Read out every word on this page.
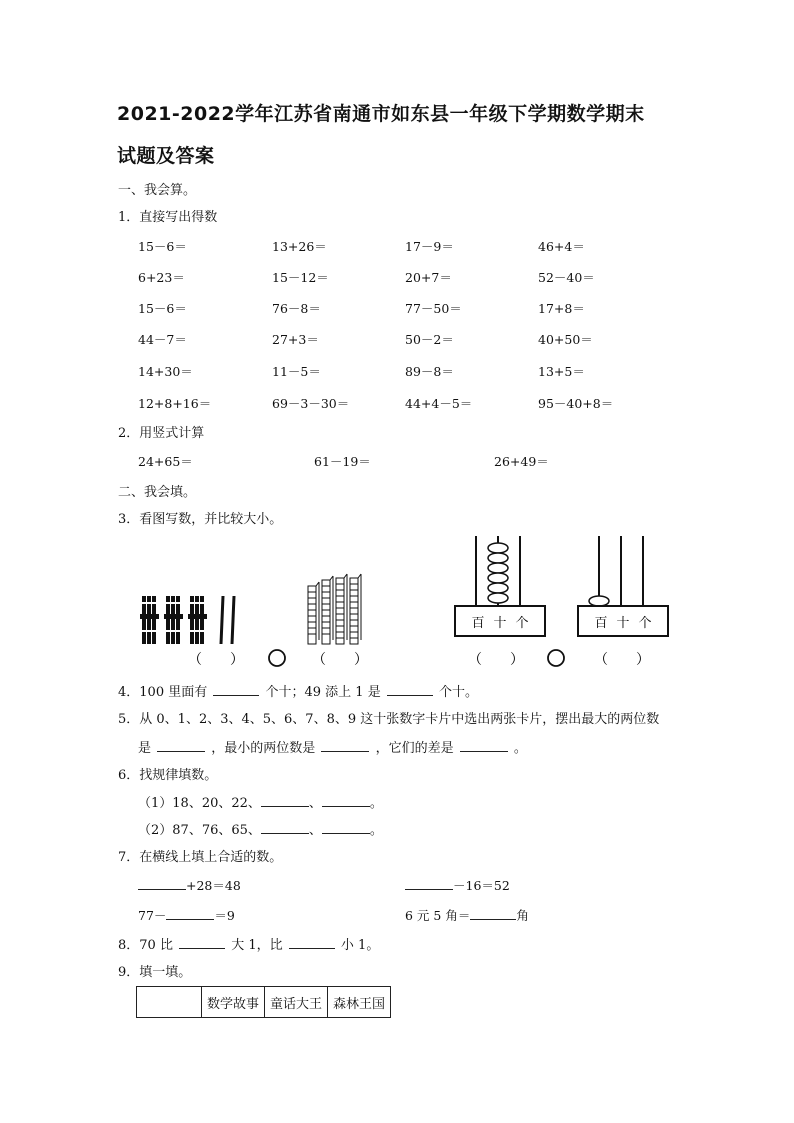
2021-2022学年江苏省南通市如东县一年级下学期数学期末
试题及答案
一、我会算。
1．直接写出得数
15－6＝	13+26＝	17－9＝	46+4＝
6+23＝	15－12＝	20+7＝	52－40＝
15－6＝	76－8＝	77－50＝	17+8＝
44－7＝	27+3＝	50－2＝	40+50＝
14+30＝	11－5＝	89－8＝	13+5＝
12+8+16＝	69－3－30＝	44+4－5＝	95－40+8＝
2．用竖式计算
24+65＝	61－19＝	26+49＝
二、我会填。
3．看图写数，并比较大小。
百 十 个	百 十 个
（　　）	（　　）	（　　）	（　　）
4．100 里面有	个十；49 添上 1 是	个十。
5．从 0、1、2、3、4、5、6、7、8、9 这十张数字卡片中选出两张卡片，摆出最大的两位数
是	，最小的两位数是	，它们的差是	。
6．找规律填数。
（1）18、20、22、	、	。
（2）87、76、65、	、	。
7．在横线上填上合适的数。
+28＝48	－16＝52
77－	＝9	6 元 5 角＝	角
8．70 比	大 1，比	小 1。
9．填一填。
	数学故事	童话大王	森林王国
